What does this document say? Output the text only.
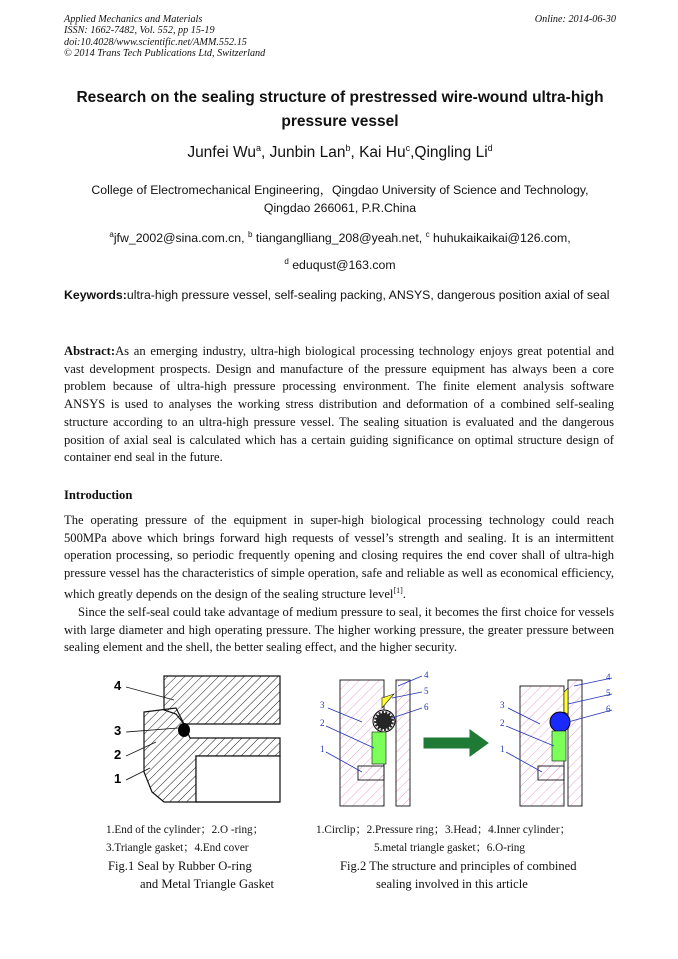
Applied Mechanics and Materials
ISSN: 1662-7482, Vol. 552, pp 15-19
doi:10.4028/www.scientific.net/AMM.552.15
© 2014 Trans Tech Publications Ltd, Switzerland
Online: 2014-06-30
Research on the sealing structure of prestressed wire-wound ultra-high pressure vessel
Junfei Wu$^a$, Junbin Lan$^b$, Kai Hu$^c$,Qingling Li$^d$
College of Electromechanical Engineering，Qingdao University of Science and Technology,
Qingdao 266061, P.R.China
$^a$jfw_2002@sina.com.cn, $^b$ tianganglliang_208@yeah.net, $^c$ huhukaikaikai@126.com,
$^d$ eduqust@163.com
Keywords:ultra-high pressure vessel, self-sealing packing, ANSYS, dangerous position axial of seal
Abstract:As an emerging industry, ultra-high biological processing technology enjoys great potential and vast development prospects. Design and manufacture of the pressure equipment has always been a core problem because of ultra-high pressure processing environment. The finite element analysis software ANSYS is used to analyses the working stress distribution and deformation of a combined self-sealing structure according to an ultra-high pressure vessel. The sealing situation is evaluated and the dangerous position of axial seal is calculated which has a certain guiding significance on optimal structure design of container end seal in the future.
Introduction

The operating pressure of the equipment in super-high biological processing technology could reach 500MPa above which brings forward high requests of vessel’s strength and sealing. It is an intermittent operation processing, so periodic frequently opening and closing requires the end cover shall of ultra-high pressure vessel has the characteristics of simple operation, safe and reliable as well as economical efficiency, which greatly depends on the design of the sealing structure level[1].

Since the self-seal could take advantage of medium pressure to seal, it becomes the first choice for vessels with large diameter and high operating pressure. The higher working pressure, the greater pressure between sealing element and the shell, the better sealing effect, and the higher security.

4
3
2
1
4
5
6
3
2
1
4
5
6
3
2
1
1.End of the cylinder；2.O -ring；
3.Triangle gasket；4.End cover
Fig.1 Seal by Rubber O-ring
and Metal Triangle Gasket
1.Circlip；2.Pressure ring；3.Head；4.Inner cylinder；
5.metal triangle gasket；6.O-ring
Fig.2 The structure and principles of combined
sealing involved in this article
